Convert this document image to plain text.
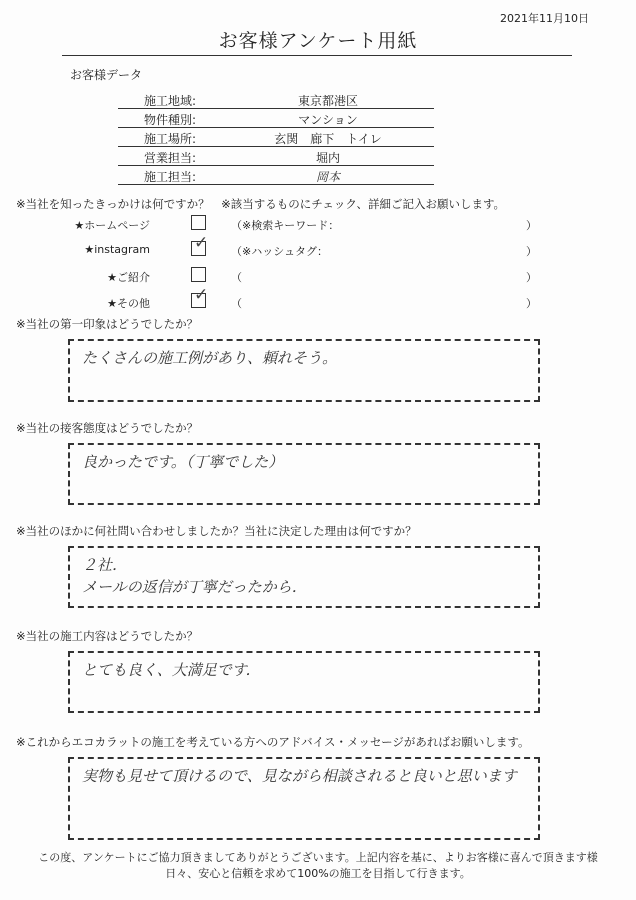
2021年11月10日
お客様アンケート用紙
お客様データ
施工地域:	東京都港区
物件種別:	マンション
施工場所:	玄関　廊下　トイレ
営業担当:	堀内
施工担当:	岡本
※当社を知ったきっかけは何ですか？　※該当するものにチェック、詳細ご記入お願いします。
★ホームページ	（※検索キーワード：	）
★instagram	✓ （※ハッシュタグ：	）
★ご紹介	（	）
★その他	✓ （	）
※当社の第一印象はどうでしたか？
たくさんの施工例があり、頼れそう。
※当社の接客態度はどうでしたか？
良かったです。（丁寧でした）
※当社のほかに何社問い合わせしましたか？当社に決定した理由は何ですか？
２社．
メールの返信が丁寧だったから．
※当社の施工内容はどうでしたか？
とても良く、大満足です．
※これからエコカラットの施工を考えている方へのアドバイス・メッセージがあればお願いします。
実物も見せて頂けるので、見ながら相談されると良いと思います
この度、アンケートにご協力頂きましてありがとうございます。上記内容を基に、よりお客様に喜んで頂きます様
日々、安心と信頼を求めて100%の施工を目指して行きます。
